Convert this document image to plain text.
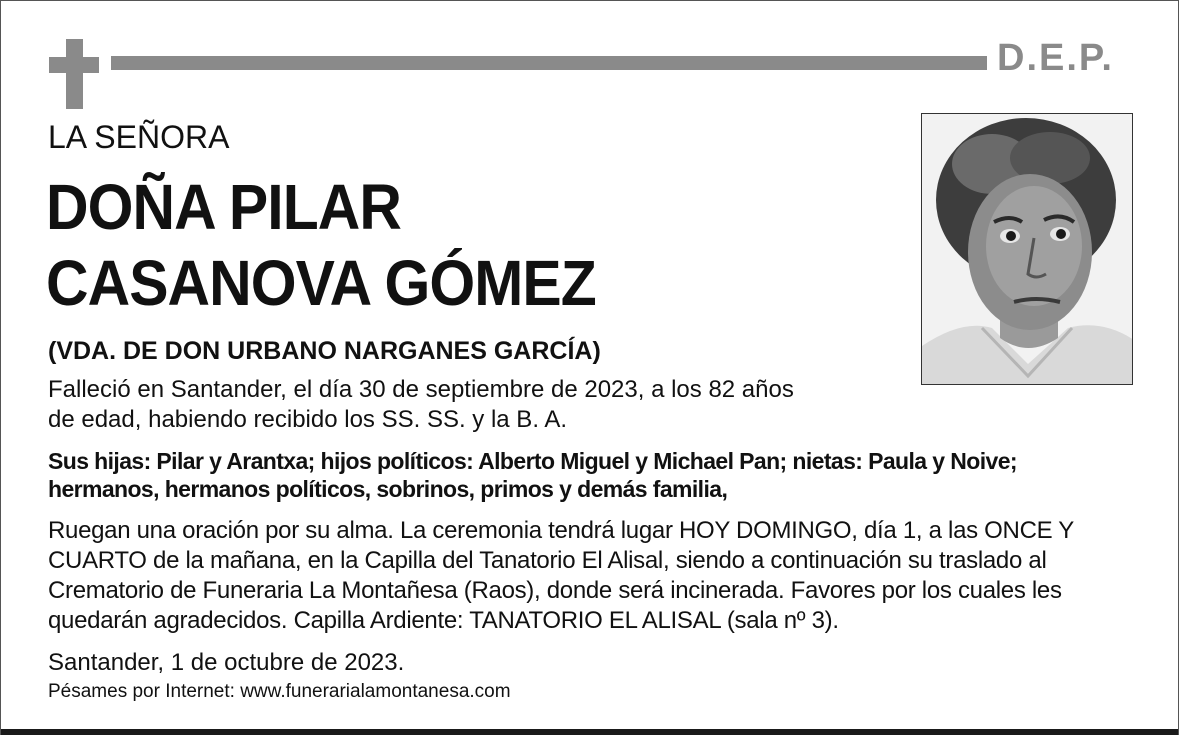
D.E.P.
LA SEÑORA
DOÑA PILAR
CASANOVA GÓMEZ
(VDA. DE DON URBANO NARGANES GARCÍA)
Falleció en Santander, el día 30 de septiembre de 2023, a los 82 años
de edad, habiendo recibido los SS. SS. y la B. A.
Sus hijas: Pilar y Arantxa; hijos políticos: Alberto Miguel y Michael Pan; nietas: Paula y Noive;
hermanos, hermanos políticos, sobrinos, primos y demás familia,
Ruegan una oración por su alma. La ceremonia tendrá lugar HOY DOMINGO, día 1, a las ONCE Y
CUARTO de la mañana, en la Capilla del Tanatorio El Alisal, siendo a continuación su traslado al
Crematorio de Funeraria La Montañesa (Raos), donde será incinerada. Favores por los cuales les
quedarán agradecidos. Capilla Ardiente: TANATORIO EL ALISAL (sala nº 3).
Santander, 1 de octubre de 2023.
Pésames por Internet: www.funerarialamontanesa.com
